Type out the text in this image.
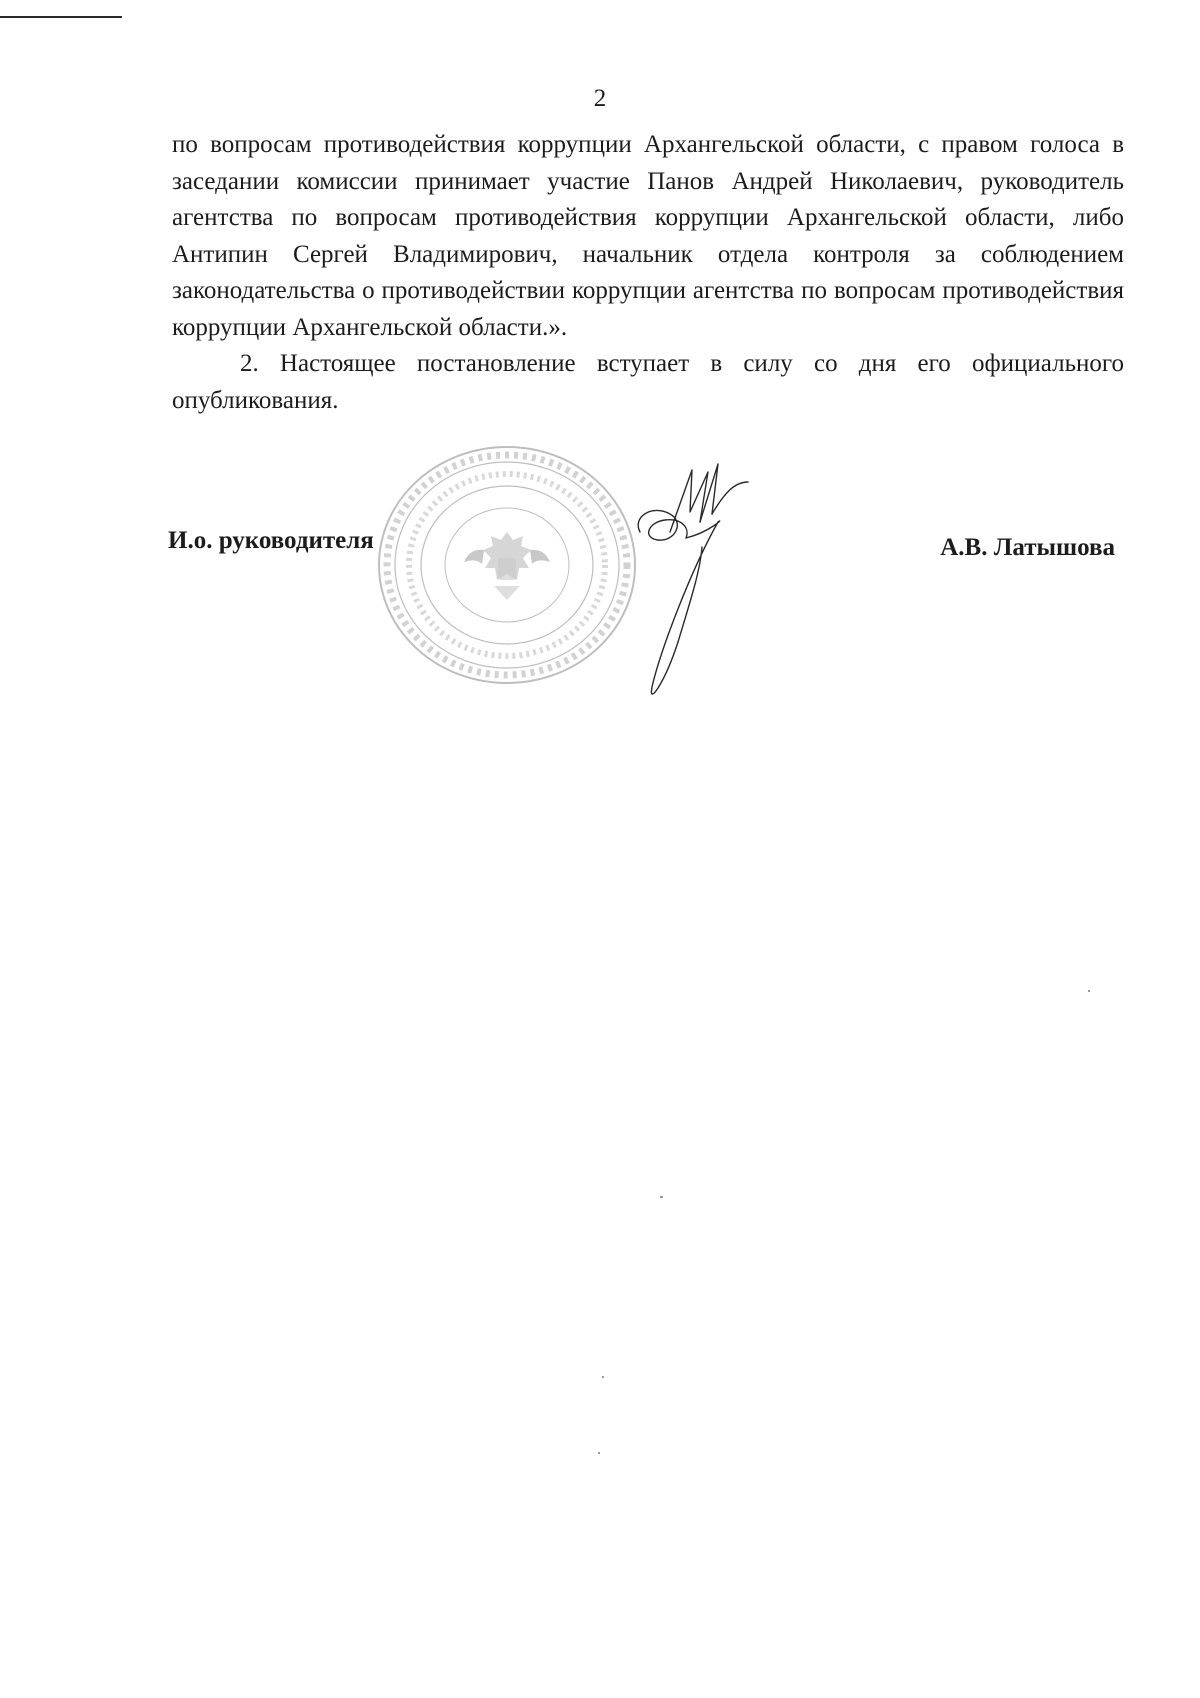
2

по вопросам противодействия коррупции Архангельской области, с правом голоса в заседании комиссии принимает участие Панов Андрей Николаевич, руководитель агентства по вопросам противодействия коррупции Архангельской области, либо Антипин Сергей Владимирович, начальник отдела контроля за соблюдением законодательства о противодействии коррупции агентства по вопросам противодействия коррупции Архангельской области.».

2. Настоящее постановление вступает в силу со дня его официального опубликования.

И.о. руководителя	А.В. Латышова
